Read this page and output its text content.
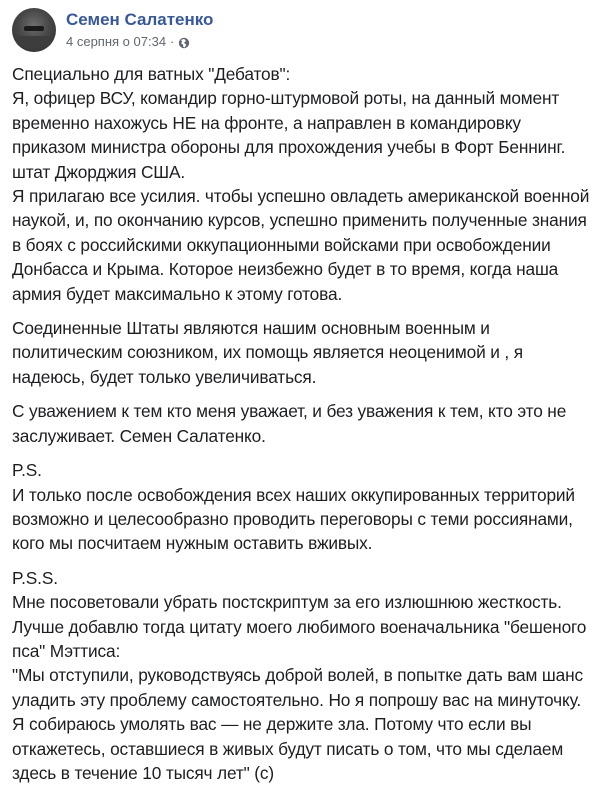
Семен Салатенко
4 серпня о 07:34 ·

Специально для ватных "Дебатов":
Я, офицер ВСУ, командир горно-штурмовой роты, на данный момент
временно нахожусь НЕ на фронте, а направлен в командировку
приказом министра обороны для прохождения учебы в Форт Беннинг.
штат Джорджия США.
Я прилагаю все усилия. чтобы успешно овладеть американской военной
наукой, и, по окончанию курсов, успешно применить полученные знания
в боях с российскими оккупационными войсками при освобождении
Донбасса и Крыма. Которое неизбежно будет в то время, когда наша
армия будет максимально к этому готова.

Соединенные Штаты являются нашим основным военным и
политическим союзником, их помощь является неоценимой и , я
надеюсь, будет только увеличиваться.

С уважением к тем кто меня уважает, и без уважения к тем, кто это не
заслуживает. Семен Салатенко.

P.S.
И только после освобождения всех наших оккупированных территорий
возможно и целесообразно проводить переговоры с теми россиянами,
кого мы посчитаем нужным оставить вживых.

P.S.S.
Мне посоветовали убрать постскриптум за его излюшнюю жесткость.
Лучше добавлю тогда цитату моего любимого военачальника "бешеного
пса" Мэттиса:
"Мы отступили, руководствуясь доброй волей, в попытке дать вам шанс
уладить эту проблему самостоятельно. Но я попрошу вас на минуточку.
Я собираюсь умолять вас — не держите зла. Потому что если вы
откажетесь, оставшиеся в живых будут писать о том, что мы сделаем
здесь в течение 10 тысяч лет" (с)
